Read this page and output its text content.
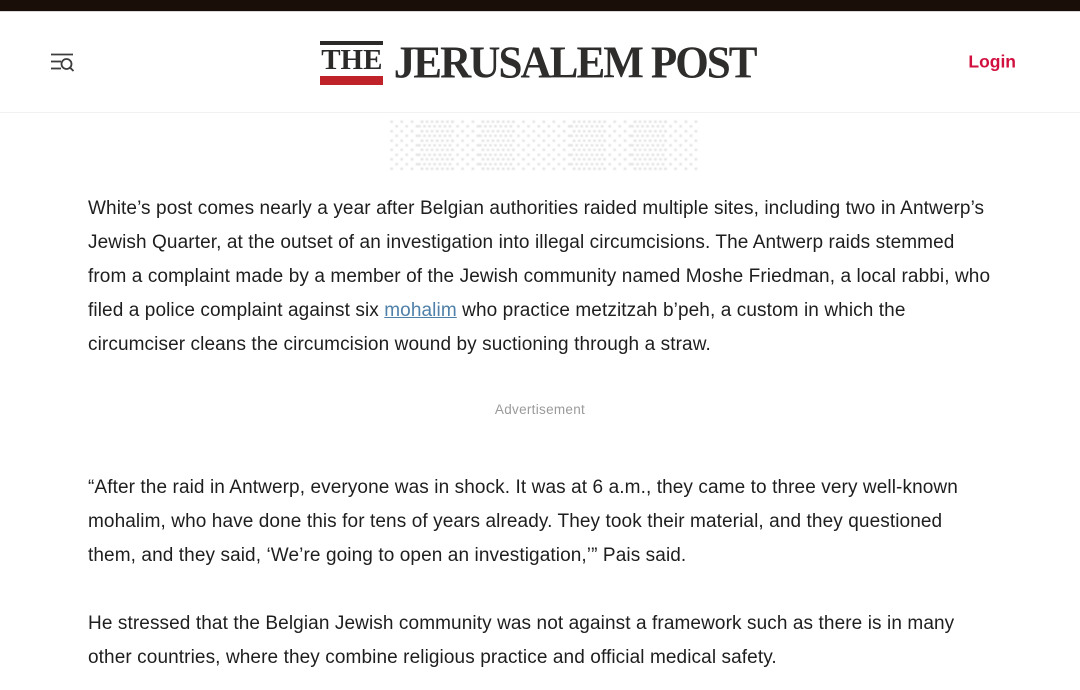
THE JERUSALEM POST	Login
░▒░▒░░▒░▒░

White’s post comes nearly a year after Belgian authorities raided multiple sites, including two in Antwerp’s Jewish Quarter, at the outset of an investigation into illegal circumcisions. The Antwerp raids stemmed from a complaint made by a member of the Jewish community named Moshe Friedman, a local rabbi, who filed a police complaint against six mohalim who practice metzitzah b’peh, a custom in which the circumciser cleans the circumcision wound by suctioning through a straw.

Advertisement

“After the raid in Antwerp, everyone was in shock. It was at 6 a.m., they came to three very well-known mohalim, who have done this for tens of years already. They took their material, and they questioned them, and they said, ‘We’re going to open an investigation,’” Pais said.

He stressed that the Belgian Jewish community was not against a framework such as there is in many other countries, where they combine religious practice and official medical safety.
